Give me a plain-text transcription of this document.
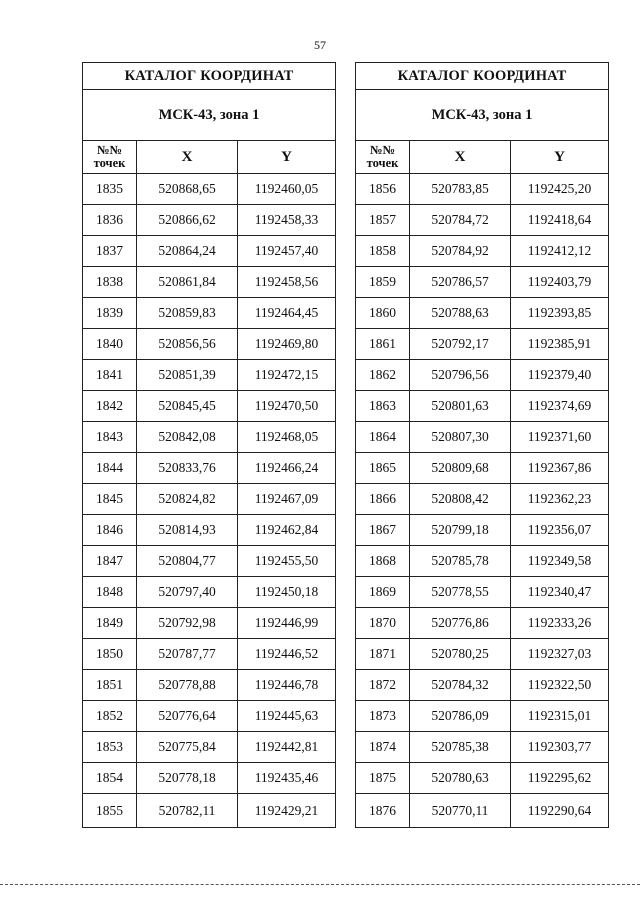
57
КАТАЛОГ КООРДИНАТ		
МСК-43, зона 1		
№№
точек	X	Y
1835	520868,65	1192460,05
1836	520866,62	1192458,33
1837	520864,24	1192457,40
1838	520861,84	1192458,56
1839	520859,83	1192464,45
1840	520856,56	1192469,80
1841	520851,39	1192472,15
1842	520845,45	1192470,50
1843	520842,08	1192468,05
1844	520833,76	1192466,24
1845	520824,82	1192467,09
1846	520814,93	1192462,84
1847	520804,77	1192455,50
1848	520797,40	1192450,18
1849	520792,98	1192446,99
1850	520787,77	1192446,52
1851	520778,88	1192446,78
1852	520776,64	1192445,63
1853	520775,84	1192442,81
1854	520778,18	1192435,46
1855	520782,11	1192429,21
КАТАЛОГ КООРДИНАТ		
МСК-43, зона 1		
№№
точек	X	Y
1856	520783,85	1192425,20
1857	520784,72	1192418,64
1858	520784,92	1192412,12
1859	520786,57	1192403,79
1860	520788,63	1192393,85
1861	520792,17	1192385,91
1862	520796,56	1192379,40
1863	520801,63	1192374,69
1864	520807,30	1192371,60
1865	520809,68	1192367,86
1866	520808,42	1192362,23
1867	520799,18	1192356,07
1868	520785,78	1192349,58
1869	520778,55	1192340,47
1870	520776,86	1192333,26
1871	520780,25	1192327,03
1872	520784,32	1192322,50
1873	520786,09	1192315,01
1874	520785,38	1192303,77
1875	520780,63	1192295,62
1876	520770,11	1192290,64
